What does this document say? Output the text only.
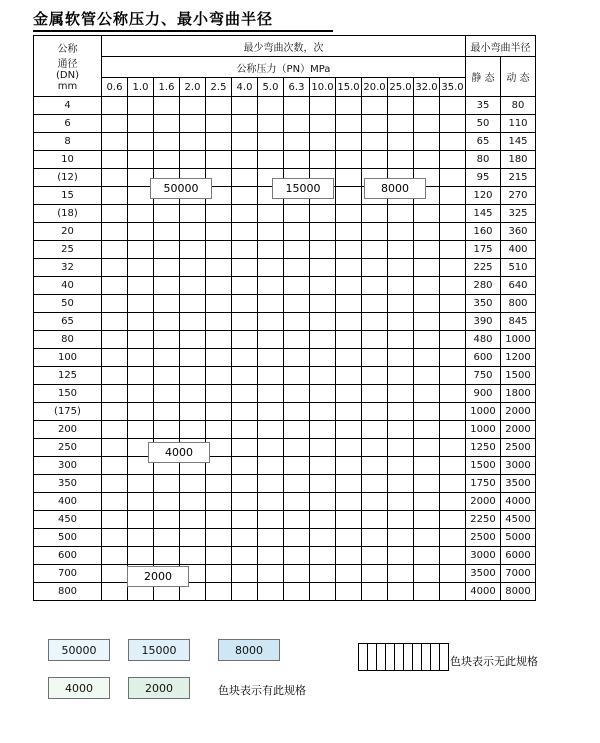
金属软管公称压力、最小弯曲半径
公称
通径
(DN)
mm	最少弯曲次数，次														最小弯曲半径	
	公称压力（PN）MPa														静 态	动 态
	0.6	1.0	1.6	2.0	2.5	4.0	5.0	6.3	10.0	15.0	20.0	25.0	32.0	35.0		
4															35	80
6															50	110
8															65	145
10															80	180
(12)															95	215
15															120	270
(18)															145	325
20															160	360
25															175	400
32															225	510
40															280	640
50															350	800
65															390	845
80															480	1000
100															600	1200
125															750	1500
150															900	1800
(175)															1000	2000
200															1000	2000
250															1250	2500
300															1500	3000
350															1750	3500
400															2000	4000
450															2250	4500
500															2500	5000
600															3000	6000
700															3500	7000
800															4000	8000
50000	15000	8000
4000
2000
50000	15000	8000
4000	2000	色块表示有此规格

色块表示无此规格
